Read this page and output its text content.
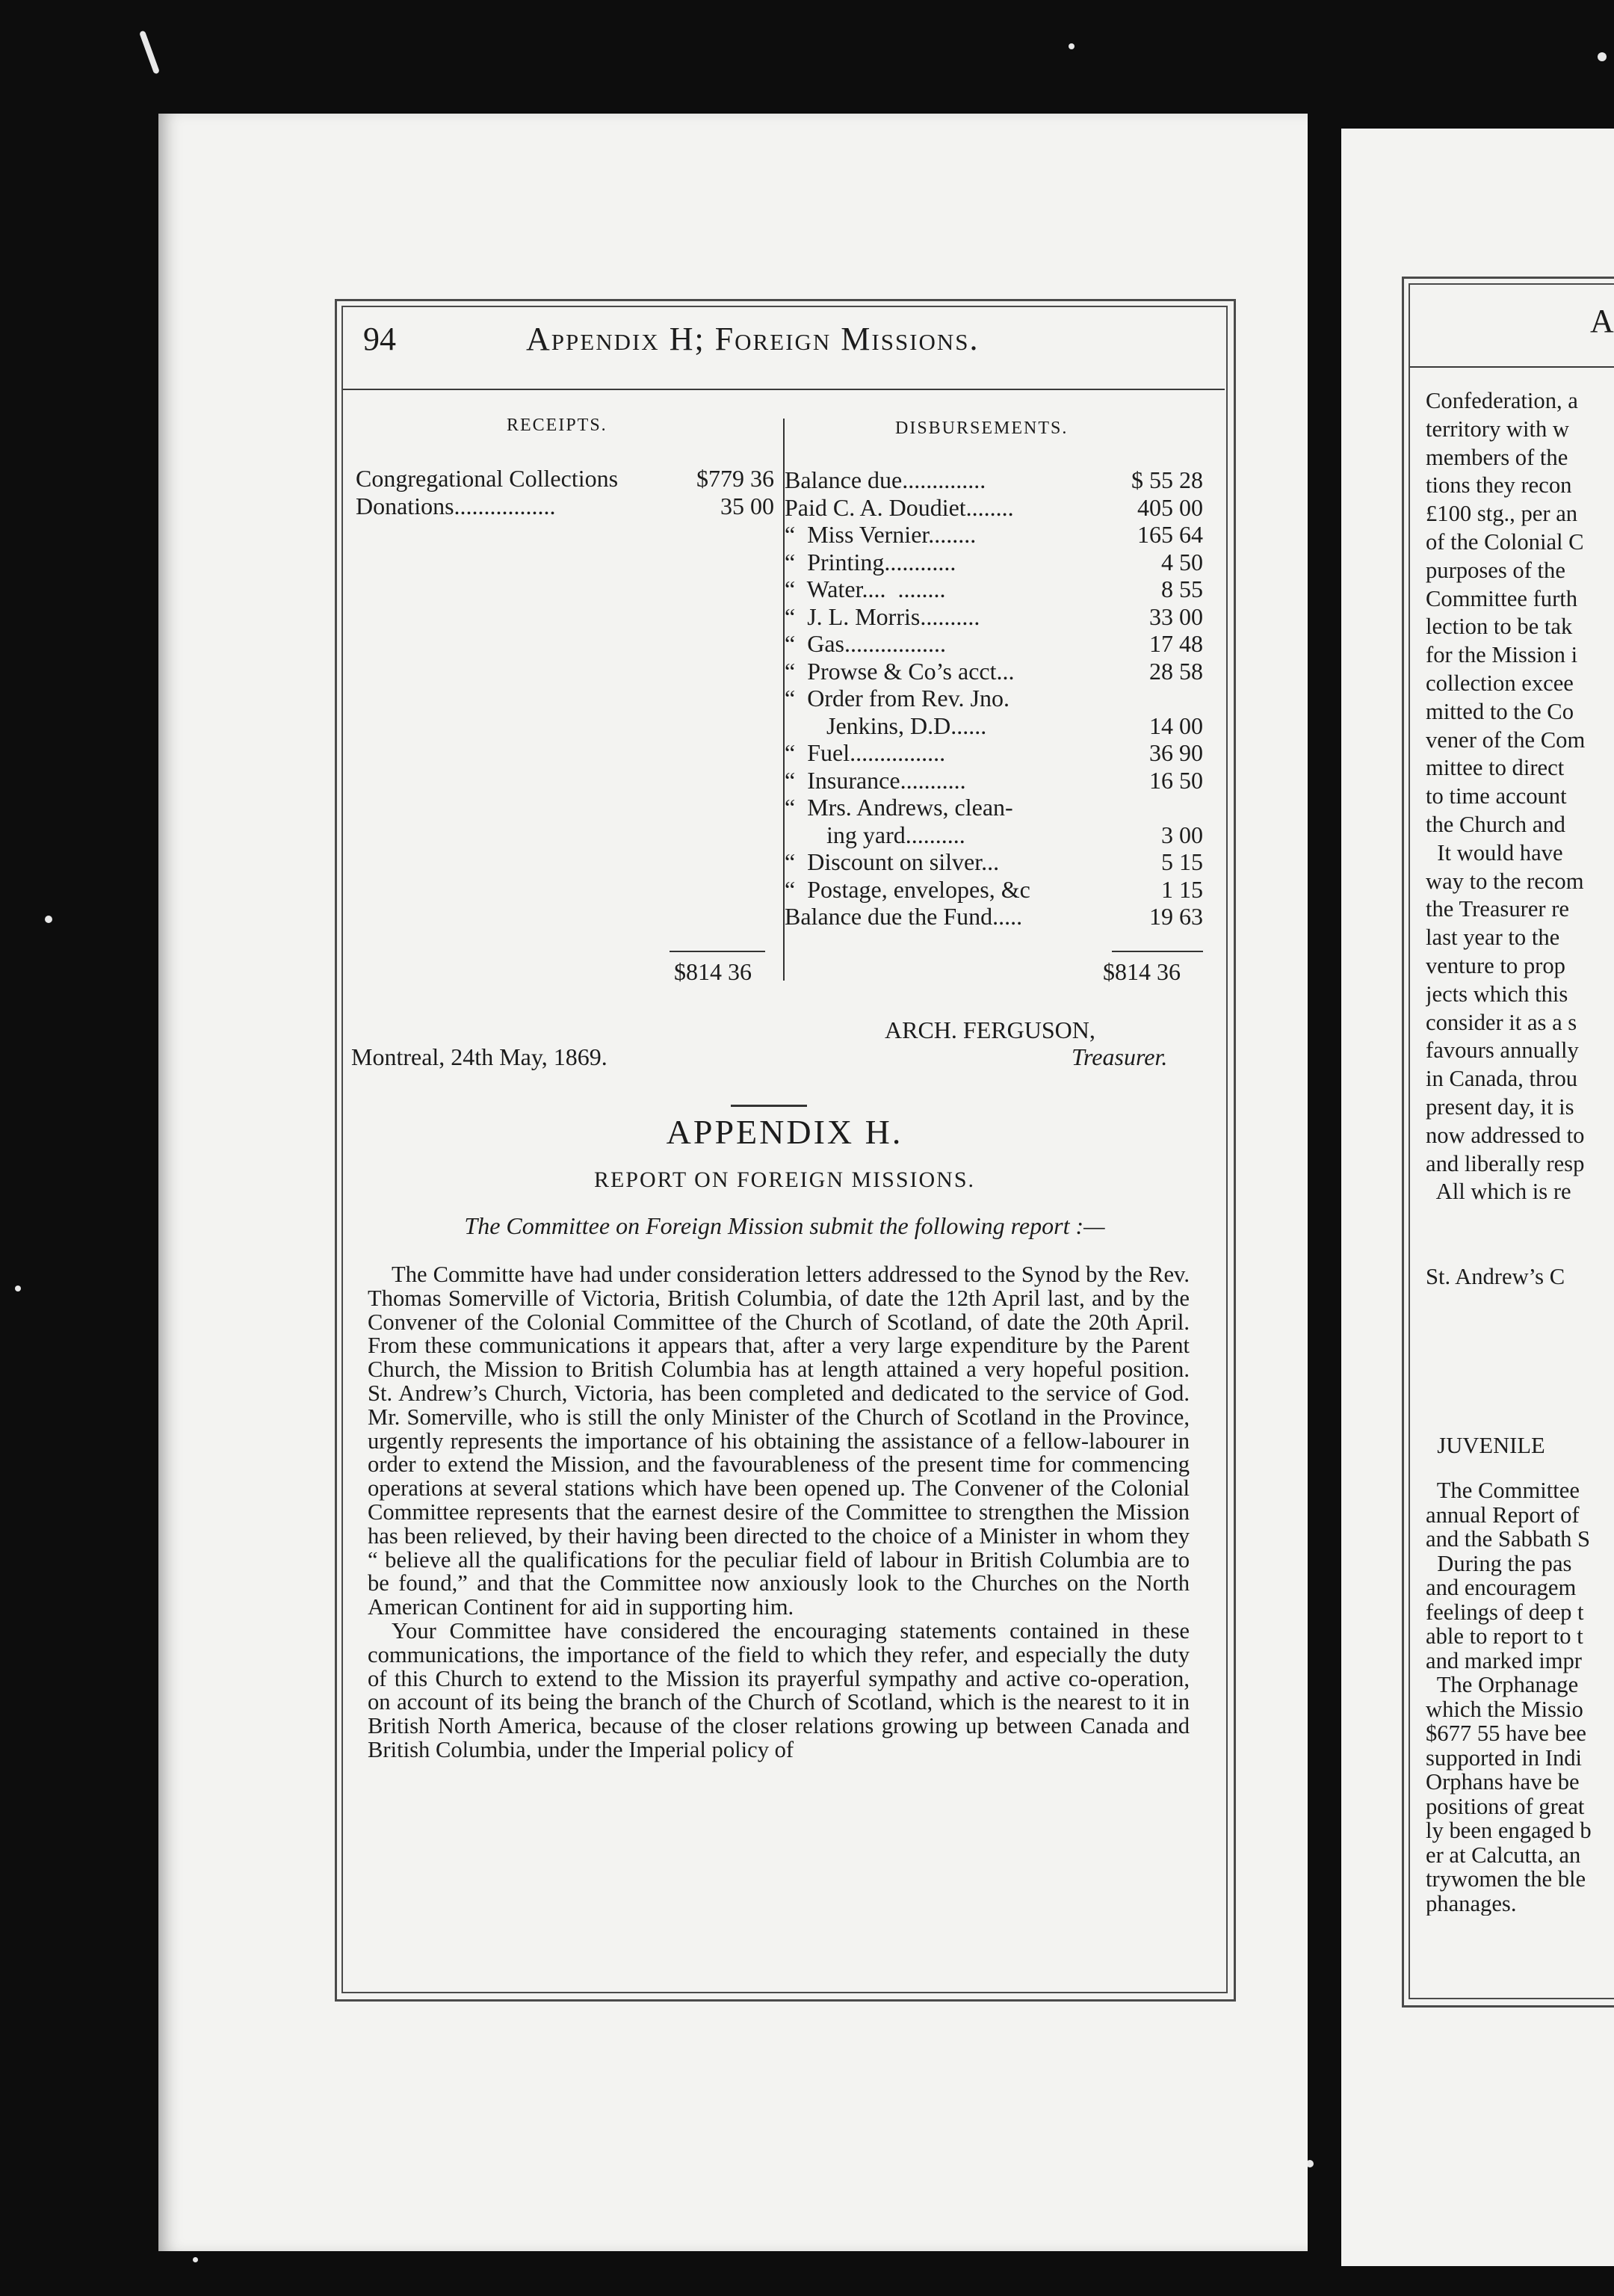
94	Appendix H; Foreign Missions.
RECEIPTS.
Congregational Collections	$779 36
Donations.................	35 00
$814 36
DISBURSEMENTS.
Balance due..............	$ 55 28
Paid C. A. Doudiet........	405 00
“  Miss Vernier........	165 64
“  Printing............	4 50
“  Water....  ........	8 55
“  J. L. Morris..........	33 00
“  Gas.................	17 48
“  Prowse & Co’s acct...	28 58
“  Order from Rev. Jno.
Jenkins, D.D......	14 00
“  Fuel................	36 90
“  Insurance...........	16 50
“  Mrs. Andrews, clean-
ing yard..........	3 00
“  Discount on silver...	5 15
“  Postage, envelopes, &c	1 15
Balance due the Fund.....	19 63
$814 36
ARCH. FERGUSON,
Treasurer.
Montreal, 24th May, 1869.
APPENDIX H.
REPORT ON FOREIGN MISSIONS.
The Committee on Foreign Mission submit the following report :—

The Committe have had under consideration letters addressed to the Synod by the Rev. Thomas Somerville of Victoria, British Columbia, of date the 12th April last, and by the Convener of the Colonial Committee of the Church of Scotland, of date the 20th April. From these communications it appears that, after a very large expenditure by the Parent Church, the Mission to British Columbia has at length attained a very hopeful position. St. Andrew’s Church, Victoria, has been completed and dedicated to the service of God. Mr. Somerville, who is still the only Minister of the Church of Scotland in the Province, urgently represents the importance of his obtaining the assistance of a fellow-labourer in order to extend the Mission, and the favourableness of the present time for commencing operations at several stations which have been opened up. The Convener of the Colonial Committee represents that the earnest desire of the Committee to strengthen the Mission has been relieved, by their having been directed to the choice of a Minister in whom they “ believe all the qualifications for the peculiar field of labour in British Columbia are to be found,” and that the Committee now anxiously look to the Churches on the North American Continent for aid in supporting him.

Your Committee have considered the encouraging statements contained in these communications, the importance of the field to which they refer, and especially the duty of this Church to extend to the Mission its prayerful sympathy and active co-operation, on account of its being the branch of the Church of Scotland, which is the nearest to it in British North America, because of the closer relations growing up between Canada and British Columbia, under the Imperial policy of

A
Confederation, a
territory with w
members of the
tions they recon
£100 stg., per an
of the Colonial C
purposes of the
Committee furth
lection to be tak
for the Mission i
collection excee
mitted to the Co
vener of the Com
mittee to direct
to time account
the Church and
It would have
way to the recom
the Treasurer re
last year to the
venture to prop
jects which this
consider it as a s
favours annually
in Canada, throu
present day, it is
now addressed to
and liberally resp
All which is re
St. Andrew’s C
JUVENILE
The Committee
annual Report of
and the Sabbath S
During the pas
and encouragem
feelings of deep t
able to report to t
and marked impr
The Orphanage
which the Missio
$677 55 have bee
supported in Indi
Orphans have be
positions of great
ly been engaged b
er at Calcutta, an
trywomen the ble
phanages.
